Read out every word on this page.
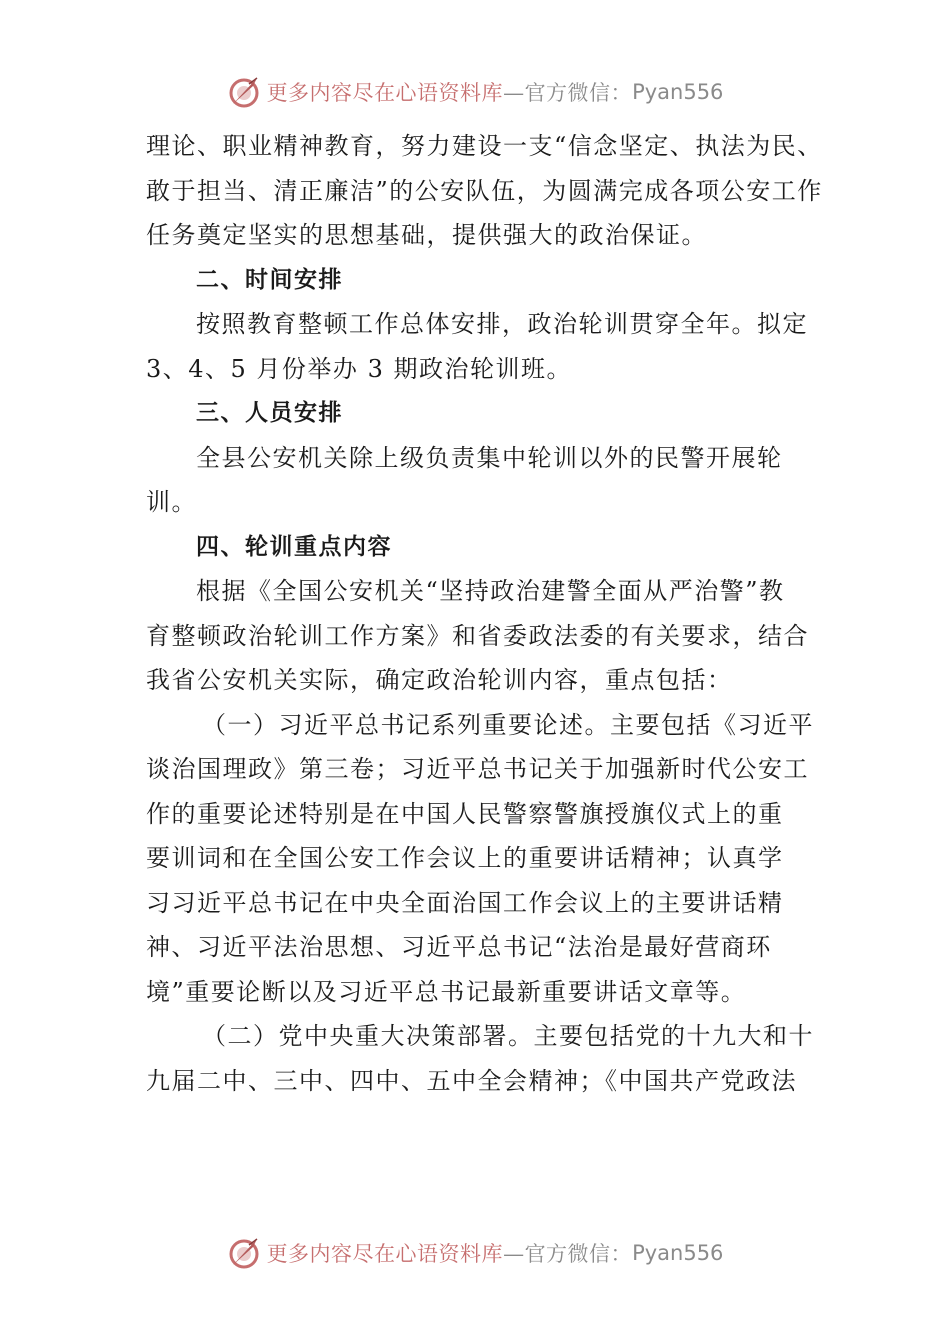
更多内容尽在心语资料库 —官方微信： Pyan556
理论、职业精神教育，努力建设一支“信念坚定、执法为民、
敢于担当、清正廉洁”的公安队伍，为圆满完成各项公安工作
任务奠定坚实的思想基础，提供强大的政治保证。
二、时间安排
按照教育整顿工作总体安排，政治轮训贯穿全年。拟定
3、4、5 月份举办 3 期政治轮训班。
三、人员安排
全县公安机关除上级负责集中轮训以外的民警开展轮
训。
四、轮训重点内容
根据《全国公安机关“坚持政治建警全面从严治警”教
育整顿政治轮训工作方案》和省委政法委的有关要求，结合
我省公安机关实际，确定政治轮训内容，重点包括：
（一）习近平总书记系列重要论述。主要包括《习近平
谈治国理政》第三卷；习近平总书记关于加强新时代公安工
作的重要论述特别是在中国人民警察警旗授旗仪式上的重
要训词和在全国公安工作会议上的重要讲话精神；认真学
习习近平总书记在中央全面治国工作会议上的主要讲话精
神、习近平法治思想、习近平总书记“法治是最好营商环
境”重要论断以及习近平总书记最新重要讲话文章等。
（二）党中央重大决策部署。主要包括党的十九大和十
九届二中、三中、四中、五中全会精神；《中国共产党政法
更多内容尽在心语资料库 —官方微信： Pyan556
